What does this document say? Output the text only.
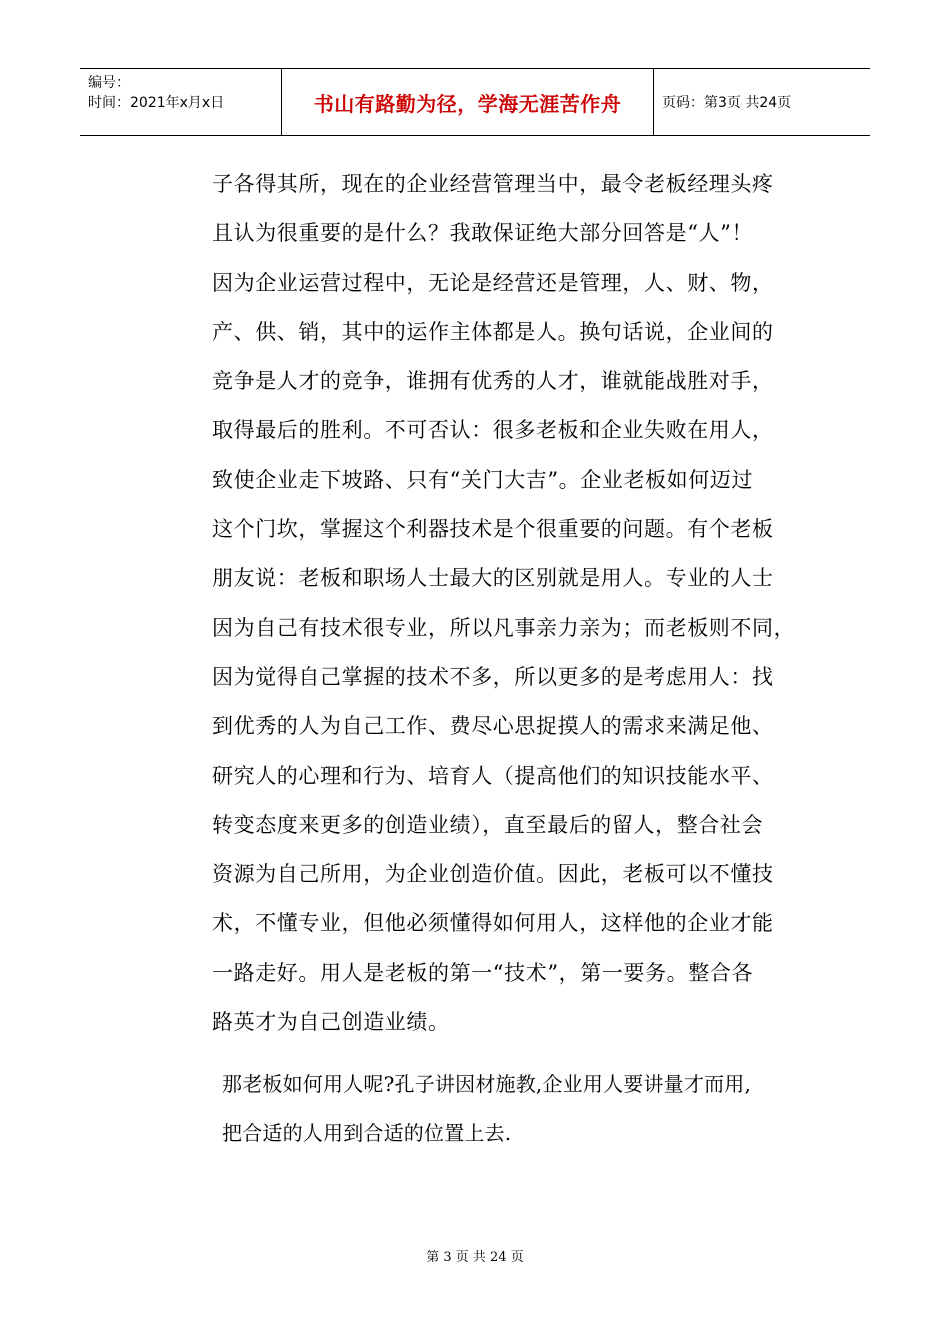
编号：
时间：2021年x月x日	书山有路勤为径，学海无涯苦作舟	页码：第3页 共24页
子各得其所，现在的企业经营管理当中，最令老板经理头疼
且认为很重要的是什么？我敢保证绝大部分回答是“人”！
因为企业运营过程中，无论是经营还是管理，人、财、物，
产、供、销，其中的运作主体都是人。换句话说，企业间的
竞争是人才的竞争，谁拥有优秀的人才，谁就能战胜对手，
取得最后的胜利。不可否认：很多老板和企业失败在用人，
致使企业走下坡路、只有“关门大吉”。企业老板如何迈过
这个门坎，掌握这个利器技术是个很重要的问题。有个老板
朋友说：老板和职场人士最大的区别就是用人。专业的人士
因为自己有技术很专业，所以凡事亲力亲为；而老板则不同，
因为觉得自己掌握的技术不多，所以更多的是考虑用人：找
到优秀的人为自己工作、费尽心思捉摸人的需求来满足他、
研究人的心理和行为、培育人（提高他们的知识技能水平、
转变态度来更多的创造业绩），直至最后的留人，整合社会
资源为自己所用，为企业创造价值。因此，老板可以不懂技
术，不懂专业，但他必须懂得如何用人，这样他的企业才能
一路走好。用人是老板的第一“技术”，第一要务。整合各
路英才为自己创造业绩。
那老板如何用人呢?孔子讲因材施教,企业用人要讲量才而用,
把合适的人用到合适的位置上去.
第 3 页 共 24 页
